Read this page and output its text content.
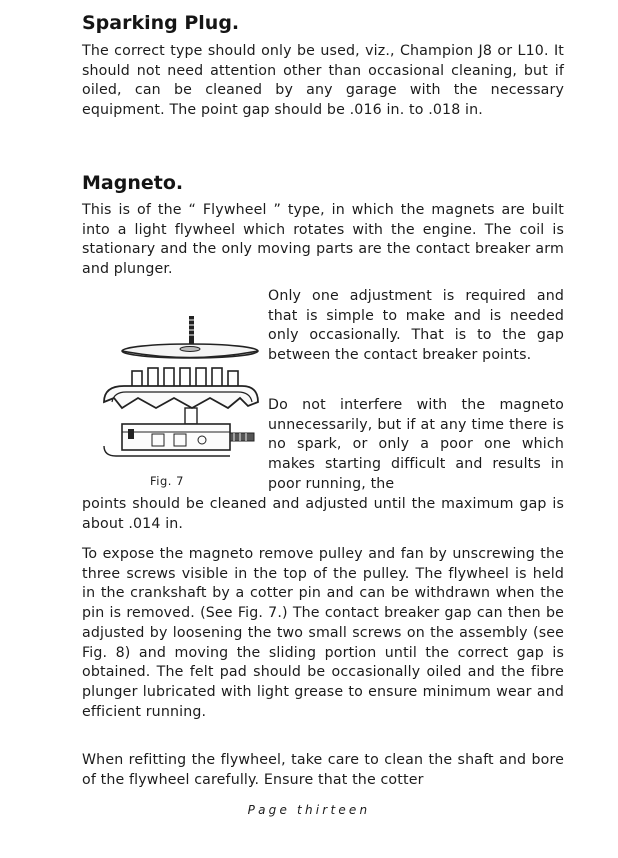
Sparking Plug.

The correct type should only be used, viz., Champion J8 or L10. It should not need attention other than occasional cleaning, but if oiled, can be cleaned by any garage with the necessary equipment. The point gap should be .016 in. to .018 in.

Magneto.

This is of the “ Flywheel ” type, in which the magnets are built into a light flywheel which rotates with the engine. The coil is stationary and the only moving parts are the contact breaker arm and plunger.

Only one adjustment is required and that is simple to make and is needed only occasionally. That is to the gap between the contact breaker points.

Do not interfere with the magneto unnecessarily, but if at any time there is no spark, or only a poor one which makes starting difficult and results in poor running, the

Fig. 7

points should be cleaned and adjusted until the maximum gap is about .014 in.

To expose the magneto remove pulley and fan by unscrewing the three screws visible in the top of the pulley. The flywheel is held in the crankshaft by a cotter pin and can be withdrawn when the pin is removed. (See Fig. 7.) The contact breaker gap can then be adjusted by loosening the two small screws on the assembly (see Fig. 8) and moving the sliding portion until the correct gap is obtained. The felt pad should be occasionally oiled and the fibre plunger lubricated with light grease to ensure minimum wear and efficient running.

When refitting the flywheel, take care to clean the shaft and bore of the flywheel carefully. Ensure that the cotter

Page thirteen
